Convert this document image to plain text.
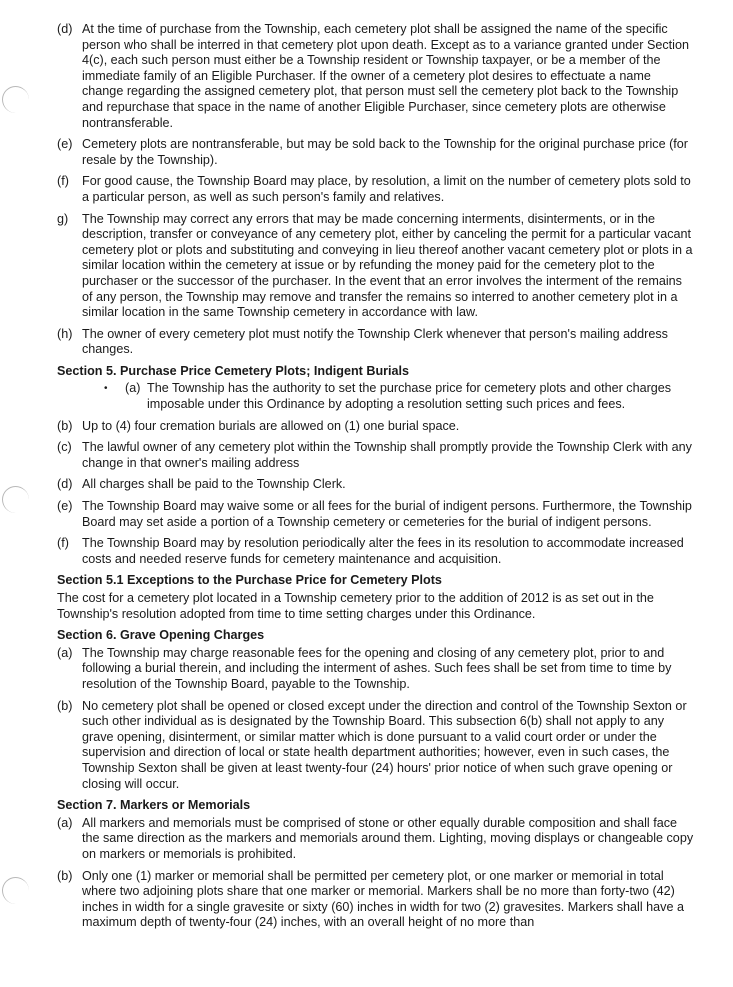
(d) At the time of purchase from the Township, each cemetery plot shall be assigned the name of the specific person who shall be interred in that cemetery plot upon death. Except as to a variance granted under Section 4(c), each such person must either be a Township resident or Township taxpayer, or be a member of the immediate family of an Eligible Purchaser. If the owner of a cemetery plot desires to effectuate a name change regarding the assigned cemetery plot, that person must sell the cemetery plot back to the Township and repurchase that space in the name of another Eligible Purchaser, since cemetery plots are otherwise nontransferable.
(e) Cemetery plots are nontransferable, but may be sold back to the Township for the original purchase price (for resale by the Township).
(f)	For good cause, the Township Board may place, by resolution, a limit on the number of cemetery plots sold to a particular person, as well as such person's family and relatives.
g)	The Township may correct any errors that may be made concerning interments, disinterments, or in the description, transfer or conveyance of any cemetery plot, either by canceling the permit for a particular vacant cemetery plot or plots and substituting and conveying in lieu thereof another vacant cemetery plot or plots in a similar location within the cemetery at issue or by refunding the money paid for the cemetery plot to the purchaser or the successor of the purchaser. In the event that an error involves the interment of the remains of any person, the Township may remove and transfer the remains so interred to another cemetery plot in a similar location in the same Township cemetery in accordance with law.
(h) The owner of every cemetery plot must notify the Township Clerk whenever that person's mailing address changes.
Section 5. Purchase Price Cemetery Plots; Indigent Burials
•	(a) The Township has the authority to set the purchase price for cemetery plots and other charges imposable under this Ordinance by adopting a resolution setting such prices and fees.
(b) Up to (4) four cremation burials are allowed on (1) one burial space.
(c) The lawful owner of any cemetery plot within the Township shall promptly provide the Township Clerk with any change in that owner's mailing address
(d) All charges shall be paid to the Township Clerk.
(e) The Township Board may waive some or all fees for the burial of indigent persons. Furthermore, the Township Board may set aside a portion of a Township cemetery or cemeteries for the burial of indigent persons.
(f)	The Township Board may by resolution periodically alter the fees in its resolution to accommodate increased costs and needed reserve funds for cemetery maintenance and acquisition.
Section 5.1 Exceptions to the Purchase Price for Cemetery Plots
The cost for a cemetery plot located in a Township cemetery prior to the addition of 2012 is as set out in the Township's resolution adopted from time to time setting charges under this Ordinance.
Section 6. Grave Opening Charges
(a) The Township may charge reasonable fees for the opening and closing of any cemetery plot, prior to and following a burial therein, and including the interment of ashes. Such fees shall be set from time to time by resolution of the Township Board, payable to the Township.
(b) No cemetery plot shall be opened or closed except under the direction and control of the Township Sexton or such other individual as is designated by the Township Board. This subsection 6(b) shall not apply to any grave opening, disinterment, or similar matter which is done pursuant to a valid court order or under the supervision and direction of local or state health department authorities; however, even in such cases, the Township Sexton shall be given at least twenty-four (24) hours' prior notice of when such grave opening or closing will occur.
Section 7. Markers or Memorials
(a) All markers and memorials must be comprised of stone or other equally durable composition and shall face the same direction as the markers and memorials around them. Lighting, moving displays or changeable copy on markers or memorials is prohibited.
(b) Only one (1) marker or memorial shall be permitted per cemetery plot, or one marker or memorial in total where two adjoining plots share that one marker or memorial. Markers shall be no more than forty-two (42) inches in width for a single gravesite or sixty (60) inches in width for two (2) gravesites. Markers shall have a maximum depth of twenty-four (24) inches, with an overall height of no more than
